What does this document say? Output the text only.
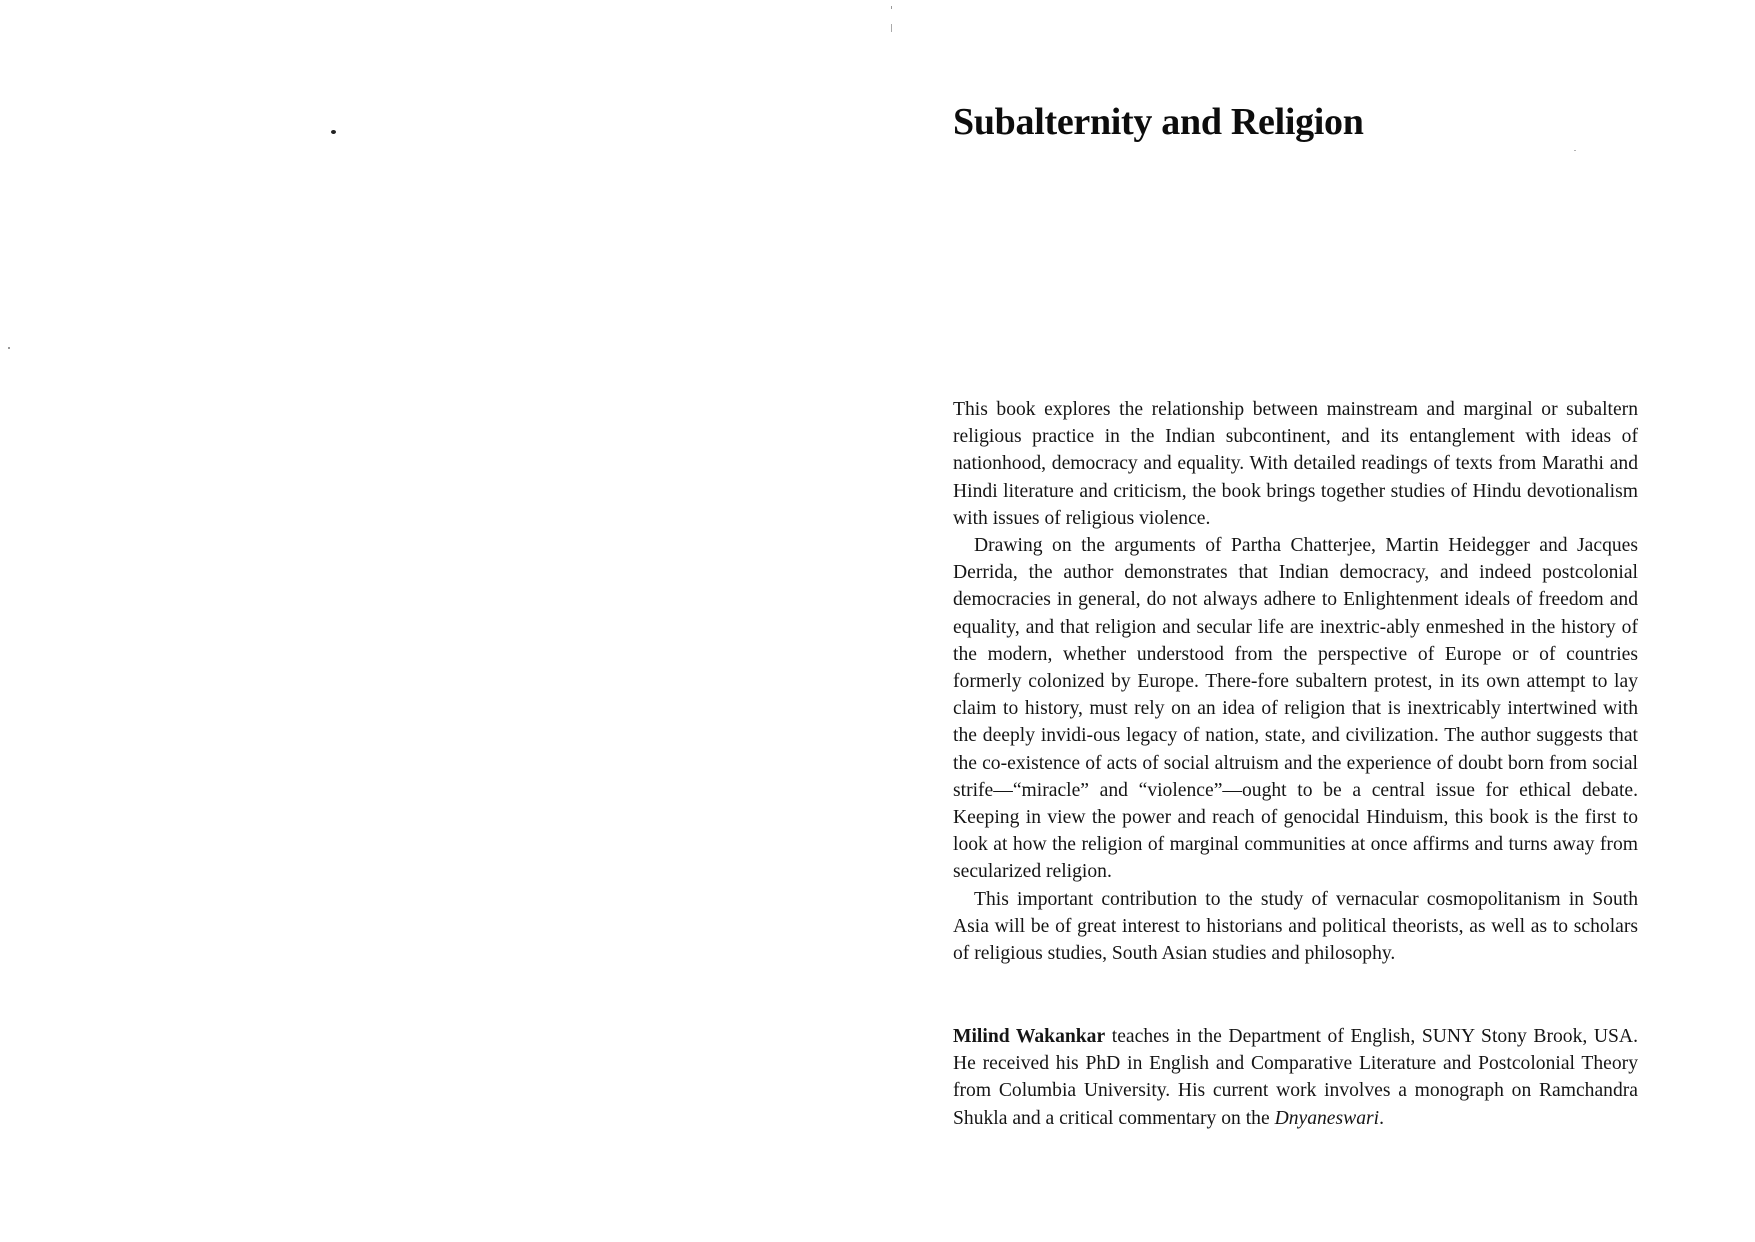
Subalternity and Religion

This book explores the relationship between mainstream and marginal or subaltern religious practice in the Indian subcontinent, and its entanglement with ideas of nationhood, democracy and equality. With detailed readings of texts from Marathi and Hindi literature and criticism, the book brings together studies of Hindu devotionalism with issues of religious violence.

Drawing on the arguments of Partha Chatterjee, Martin Heidegger and Jacques Derrida, the author demonstrates that Indian democracy, and indeed postcolonial democracies in general, do not always adhere to Enlightenment ideals of freedom and equality, and that religion and secular life are inextric-ably enmeshed in the history of the modern, whether understood from the perspective of Europe or of countries formerly colonized by Europe. There-fore subaltern protest, in its own attempt to lay claim to history, must rely on an idea of religion that is inextricably intertwined with the deeply invidi-ous legacy of nation, state, and civilization. The author suggests that the co-existence of acts of social altruism and the experience of doubt born from social strife—“miracle” and “violence”—ought to be a central issue for ethical debate. Keeping in view the power and reach of genocidal Hinduism, this book is the first to look at how the religion of marginal communities at once affirms and turns away from secularized religion.

This important contribution to the study of vernacular cosmopolitanism in South Asia will be of great interest to historians and political theorists, as well as to scholars of religious studies, South Asian studies and philosophy.

Milind Wakankar teaches in the Department of English, SUNY Stony Brook, USA. He received his PhD in English and Comparative Literature and Postcolonial Theory from Columbia University. His current work involves a monograph on Ramchandra Shukla and a critical commentary on the Dnyaneswari.
